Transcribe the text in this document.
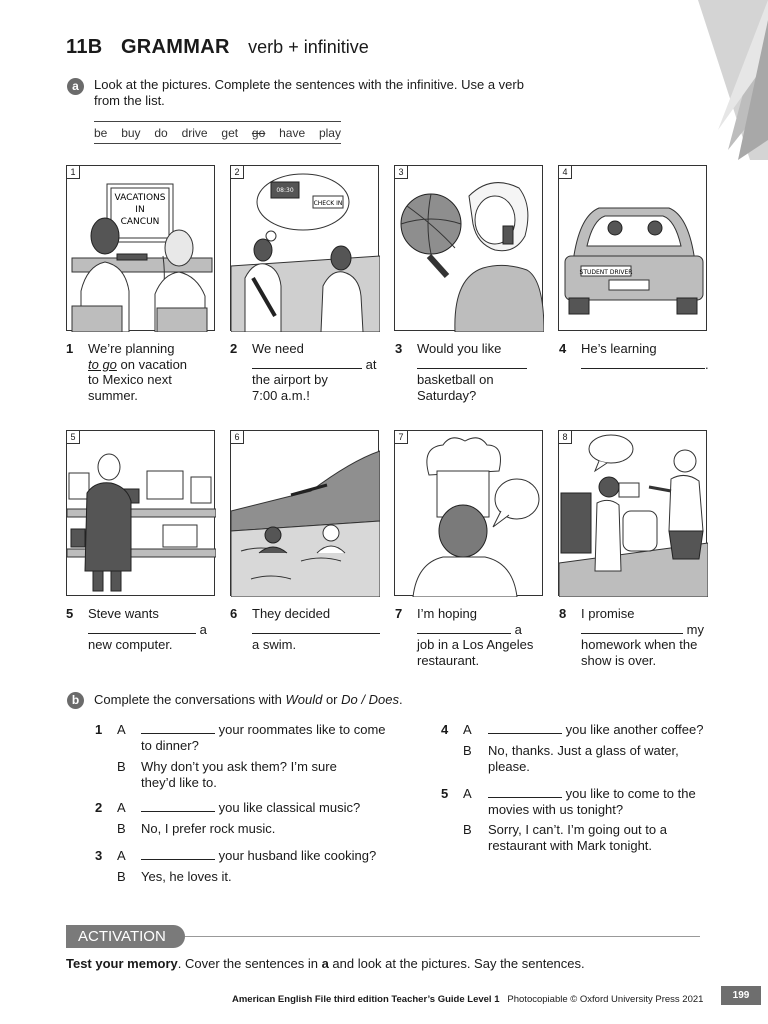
11B GRAMMAR verb + infinitive
a	Look at the pictures. Complete the sentences with the infinitive. Use a verb
from the list.
be buy do drive get go have play
VACATIONS
IN
CANCUN
1
08:30
CHECK IN
2	3
STUDENT DRIVER
4
1 We’re planning
to go on vacation
to Mexico next
summer.
2 We need
at
the airport by
7:00 a.m.!
3 Would you like
basketball on
Saturday?
4 He’s learning
.
5	6	7	8
5 Steve wants
a
new computer.
6 They decided
a swim.
7 I’m hoping
a
job in a Los Angeles
restaurant.
8 I promise
my
homework when the
show is over.
b	Complete the conversations with Would or Do / Does.
1 A	your roommates like to come
to dinner?
B Why don’t you ask them? I’m sure
they’d like to.
2 A	you like classical music?
B No, I prefer rock music.
3 A	your husband like cooking?
B Yes, he loves it.
4 A	you like another coffee?
B No, thanks. Just a glass of water,
please.
5 A	you like to come to the
movies with us tonight?
B Sorry, I can’t. I’m going out to a
restaurant with Mark tonight.
ACTIVATION
Test your memory. Cover the sentences in a and look at the pictures. Say the sentences.
American English File third edition Teacher’s Guide Level 1 Photocopiable © Oxford University Press 2021	199
